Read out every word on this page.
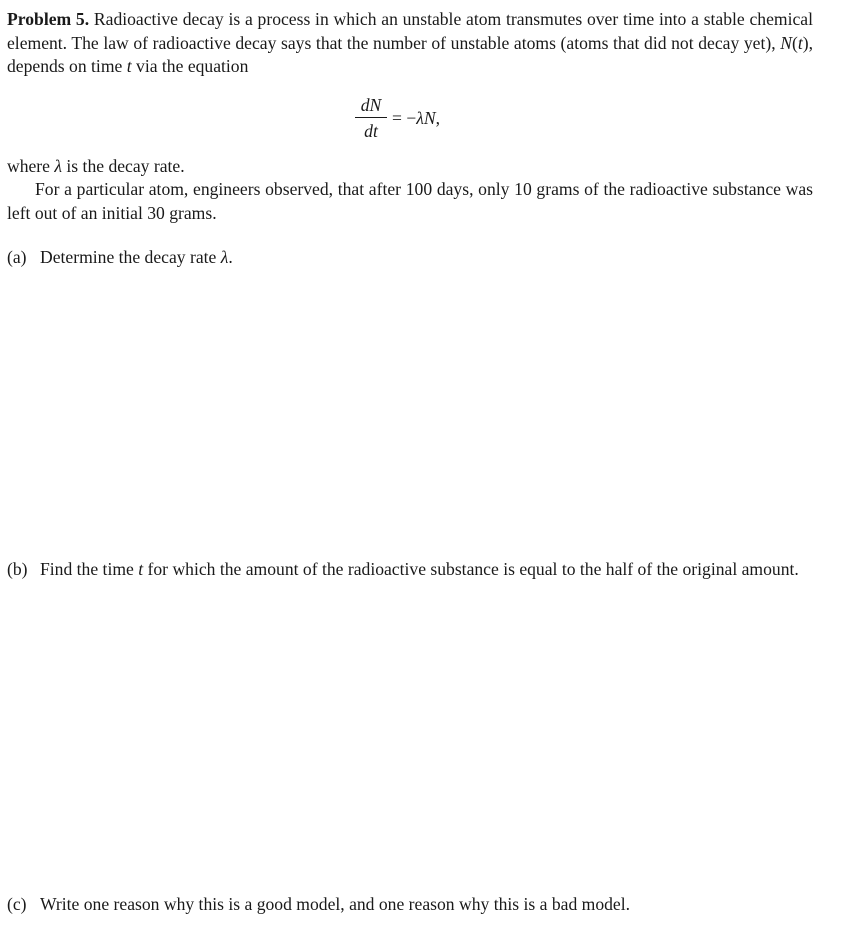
Problem 5. Radioactive decay is a process in which an unstable atom transmutes over time into a stable chemical element. The law of radioactive decay says that the number of unstable atoms (atoms that did not decay yet), N(t), depends on time t via the equation
dN
dt
= −λN,
where λ is the decay rate.
For a particular atom, engineers observed, that after 100 days, only 10 grams of the radioactive substance was left out of an initial 30 grams.
(a) Determine the decay rate λ.
(b) Find the time t for which the amount of the radioactive substance is equal to the half of the original amount.
(c) Write one reason why this is a good model, and one reason why this is a bad model.
